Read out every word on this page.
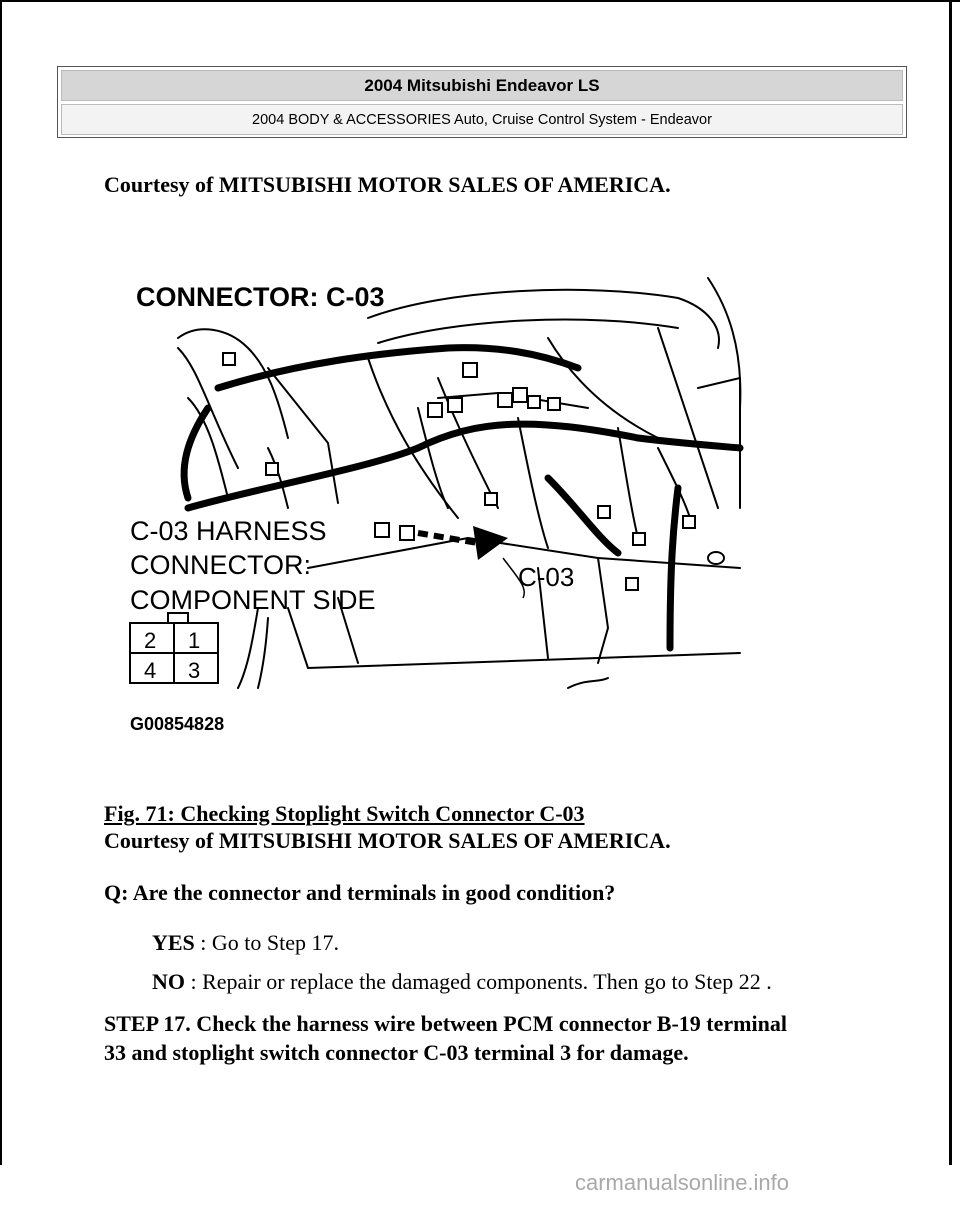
2004 Mitsubishi Endeavor LS
2004 BODY & ACCESSORIES Auto, Cruise Control System - Endeavor
Courtesy of MITSUBISHI MOTOR SALES OF AMERICA.
2 1
4 3
CONNECTOR: C-03
C-03 HARNESS
CONNECTOR:
COMPONENT SIDE
C-03
G00854828
Fig. 71: Checking Stoplight Switch Connector C-03
Courtesy of MITSUBISHI MOTOR SALES OF AMERICA.
Q: Are the connector and terminals in good condition?
YES : Go to Step 17.
NO : Repair or replace the damaged components. Then go to Step 22 .
STEP 17. Check the harness wire between PCM connector B-19 terminal
33 and stoplight switch connector C-03 terminal 3 for damage.
carmanualsonline.info
